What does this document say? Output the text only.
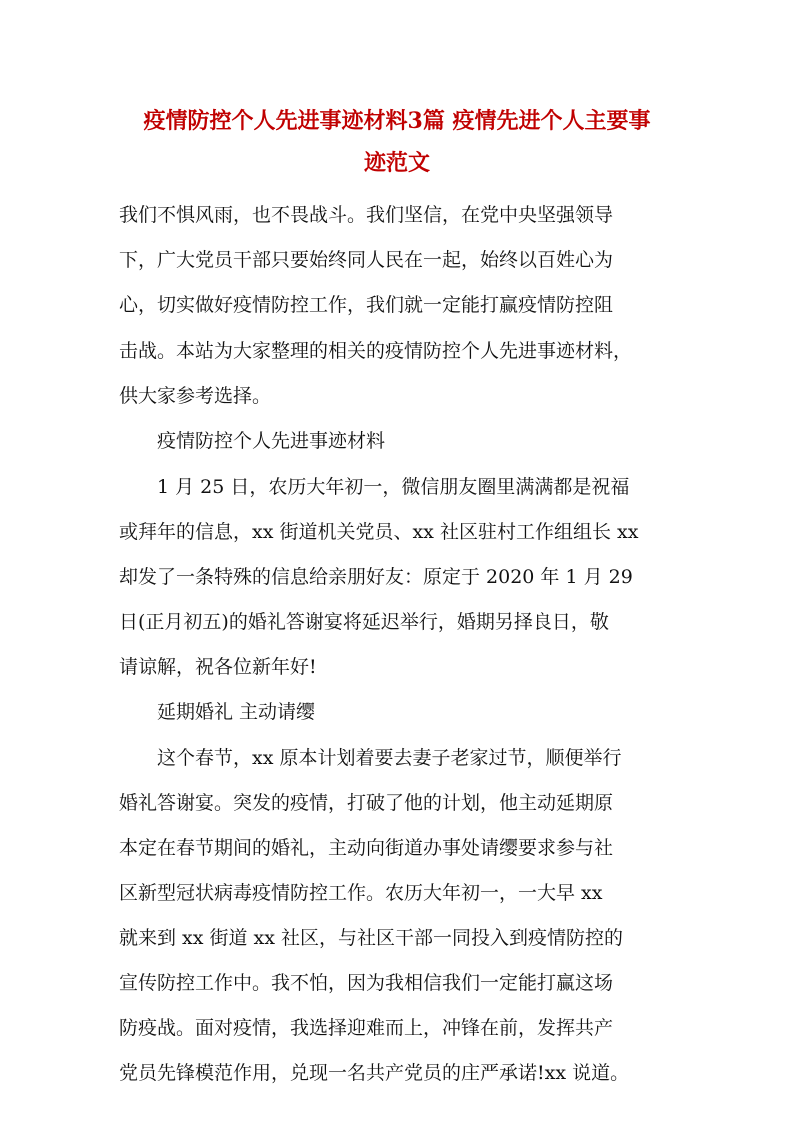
疫情防控个人先进事迹材料3篇 疫情先进个人主要事
迹范文
我们不惧风雨，也不畏战斗。我们坚信，在党中央坚强领导
下，广大党员干部只要始终同人民在一起，始终以百姓心为
心，切实做好疫情防控工作，我们就一定能打赢疫情防控阻
击战。本站为大家整理的相关的疫情防控个人先进事迹材料，
供大家参考选择。
疫情防控个人先进事迹材料
1 月 25 日，农历大年初一，微信朋友圈里满满都是祝福
或拜年的信息，xx 街道机关党员、xx 社区驻村工作组组长 xx
却发了一条特殊的信息给亲朋好友：原定于 2020 年 1 月 29
日(正月初五)的婚礼答谢宴将延迟举行，婚期另择良日，敬
请谅解，祝各位新年好!
延期婚礼 主动请缨
这个春节，xx 原本计划着要去妻子老家过节，顺便举行
婚礼答谢宴。突发的疫情，打破了他的计划，他主动延期原
本定在春节期间的婚礼，主动向街道办事处请缨要求参与社
区新型冠状病毒疫情防控工作。农历大年初一，一大早 xx
就来到 xx 街道 xx 社区，与社区干部一同投入到疫情防控的
宣传防控工作中。我不怕，因为我相信我们一定能打赢这场
防疫战。面对疫情，我选择迎难而上，冲锋在前，发挥共产
党员先锋模范作用，兑现一名共产党员的庄严承诺!xx 说道。
